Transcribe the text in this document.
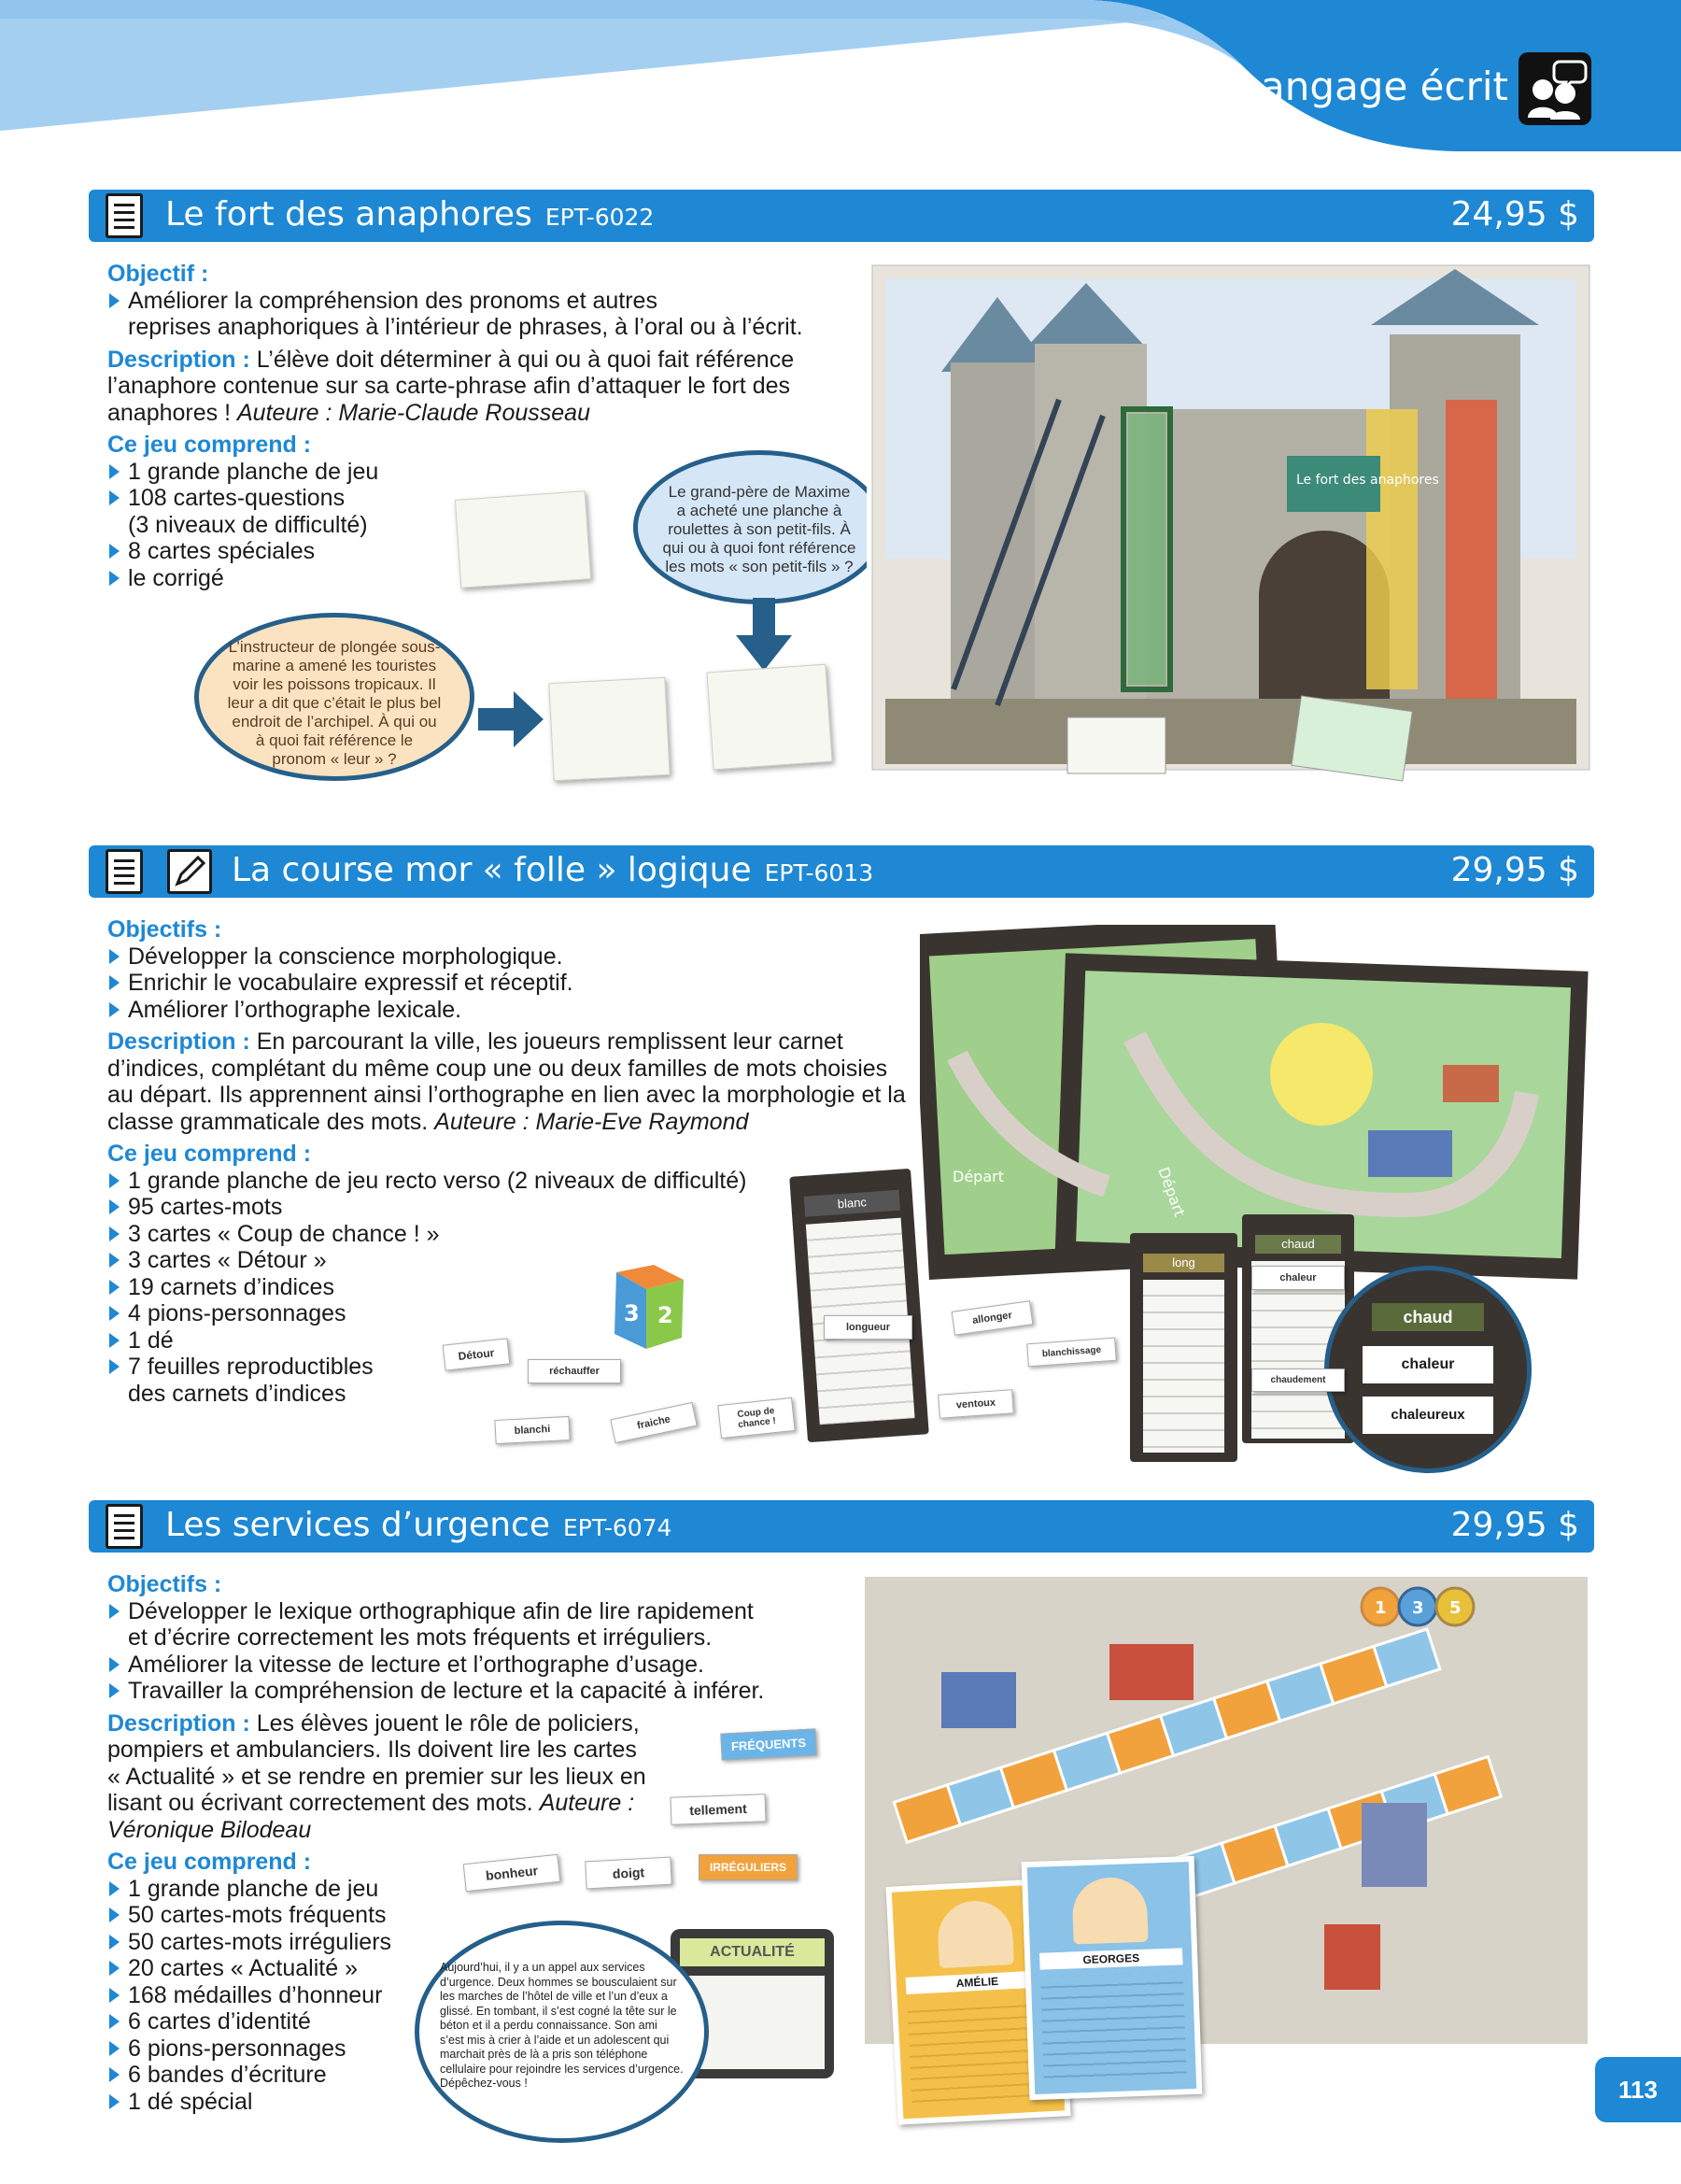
Langage écrit
Le fort des anaphores EPT-6022	24,95 $
Objectif :
Améliorer la compréhension des pronoms et autres
reprises anaphoriques à l’intérieur de phrases, à l’oral ou à l’écrit.
Description : L’élève doit déterminer à qui ou à quoi fait référence l’anaphore contenue sur sa carte-phrase afin d’attaquer le fort des anaphores ! Auteure : Marie-Claude Rousseau
Ce jeu comprend :
1 grande planche de jeu
108 cartes-questions
(3 niveaux de difficulté)
8 cartes spéciales
le corrigé
Le grand-père de Maxime a acheté une planche à roulettes à son petit-fils. À qui ou à quoi font référence les mots « son petit-fils » ?
L’instructeur de plongée sous-marine a amené les touristes voir les poissons tropicaux. Il leur a dit que c’était le plus bel endroit de l’archipel. À qui ou à quoi fait référence le pronom « leur » ?
Le fort des anaphores
La course mor « folle » logique EPT-6013	29,95 $
Objectifs :
Développer la conscience morphologique.
Enrichir le vocabulaire expressif et réceptif.
Améliorer l’orthographe lexicale.
Description : En parcourant la ville, les joueurs remplissent leur carnet d’indices, complétant du même coup une ou deux familles de mots choisies au départ. Ils apprennent ainsi l’orthographe en lien avec la morphologie et la classe grammaticale des mots. Auteure : Marie-Eve Raymond
Ce jeu comprend :
1 grande planche de jeu recto verso (2 niveaux de difficulté)
95 cartes-mots
3 cartes « Coup de chance ! »
3 cartes « Détour »
19 carnets d’indices
4 pions-personnages
1 dé
7 feuilles reproductibles
des carnets d’indices
Départ	Départ
blanc
long
chaud
chaud
chaleur
chaleureux
3 2
Détour
réchauffer
blanchi	fraiche
Coup de chance !
allonger
blanchissage
ventoux
longueur
chaleur
chaudement
Les services d’urgence EPT-6074	29,95 $
Objectifs :
Développer le lexique orthographique afin de lire rapidement
et d’écrire correctement les mots fréquents et irréguliers.
Améliorer la vitesse de lecture et l’orthographe d’usage.
Travailler la compréhension de lecture et la capacité à inférer.
Description : Les élèves jouent le rôle de policiers, pompiers et ambulanciers. Ils doivent lire les cartes « Actualité » et se rendre en premier sur les lieux en lisant ou écrivant correctement des mots. Auteure : Véronique Bilodeau
Ce jeu comprend :
1 grande planche de jeu
50 cartes-mots fréquents
50 cartes-mots irréguliers
20 cartes « Actualité »
168 médailles d’honneur
6 cartes d’identité
6 pions-personnages
6 bandes d’écriture
1 dé spécial
1 3 5
AMÉLIE
GEORGES
FRÉQUENTS
tellement
bonheur	doigt	IRRÉGULIERS
ACTUALITÉ
Aujourd’hui, il y a un appel aux services d’urgence. Deux hommes se bousculaient sur les marches de l’hôtel de ville et l’un d’eux a glissé. En tombant, il s’est cogné la tête sur le béton et il a perdu connaissance. Son ami s’est mis à crier à l’aide et un adolescent qui marchait près de là a pris son téléphone cellulaire pour rejoindre les services d’urgence. Dépêchez-vous !	113
